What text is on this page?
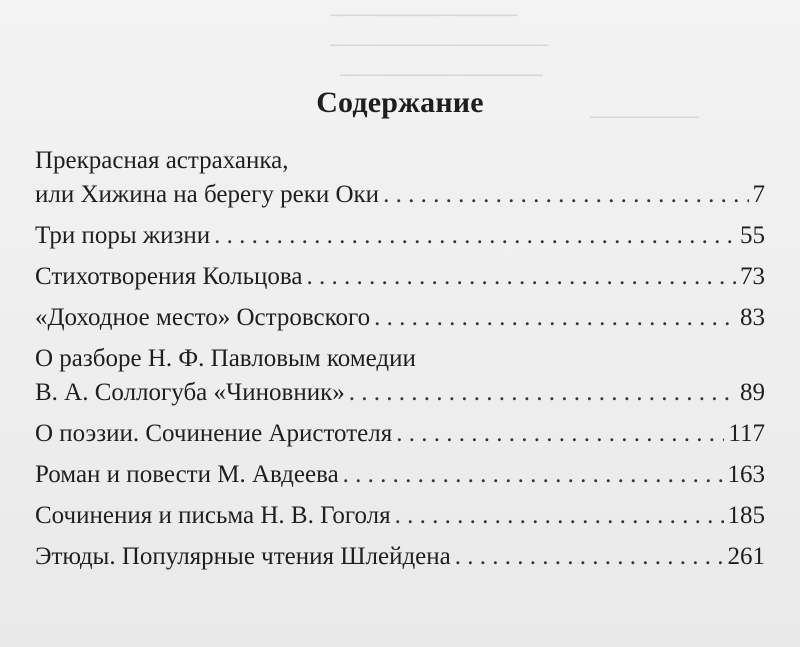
────────────
──────────────
─────────────
───────
Содержание
Прекрасная астраханка,
или Хижина на берегу реки Оки . . .	7
Три поры жизни . . .	55
Стихотворения Кольцова . . .	73
«Доходное место» Островского . . .	83
О разборе Н. Ф. Павловым комедии
В. А. Соллогуба «Чиновник» . . .	89
О поэзии. Сочинение Аристотеля . . .	117
Роман и повести М. Авдеева . . .	163
Сочинения и письма Н. В. Гоголя . . .	185
Этюды. Популярные чтения Шлейдена . . .	261
